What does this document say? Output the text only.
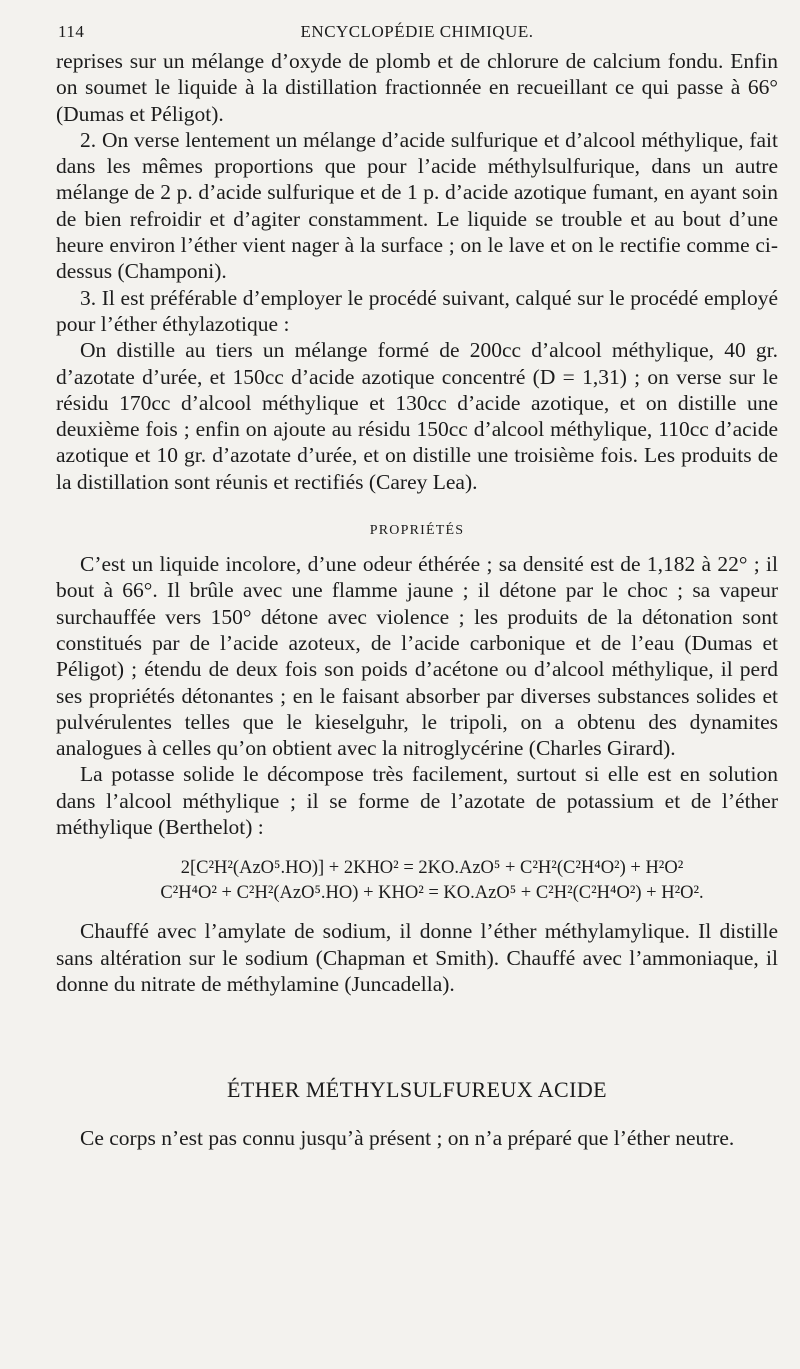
114	ENCYCLOPÉDIE CHIMIQUE.

reprises sur un mélange d’oxyde de plomb et de chlorure de calcium fondu. Enfin on soumet le liquide à la distillation fractionnée en recueillant ce qui passe à 66° (Dumas et Péligot).

2. On verse lentement un mélange d’acide sulfurique et d’alcool méthylique, fait dans les mêmes proportions que pour l’acide méthylsulfurique, dans un autre mélange de 2 p. d’acide sulfurique et de 1 p. d’acide azotique fumant, en ayant soin de bien refroidir et d’agiter constamment. Le liquide se trouble et au bout d’une heure environ l’éther vient nager à la surface ; on le lave et on le rectifie comme ci-dessus (Champoni).

3. Il est préférable d’employer le procédé suivant, calqué sur le procédé employé pour l’éther éthylazotique :

On distille au tiers un mélange formé de 200cc d’alcool méthylique, 40 gr. d’azotate d’urée, et 150cc d’acide azotique concentré (D = 1,31) ; on verse sur le résidu 170cc d’alcool méthylique et 130cc d’acide azotique, et on distille une deuxième fois ; enfin on ajoute au résidu 150cc d’alcool méthylique, 110cc d’acide azotique et 10 gr. d’azotate d’urée, et on distille une troisième fois. Les produits de la distillation sont réunis et rectifiés (Carey Lea).

PROPRIÉTÉS

C’est un liquide incolore, d’une odeur éthérée ; sa densité est de 1,182 à 22° ; il bout à 66°. Il brûle avec une flamme jaune ; il détone par le choc ; sa vapeur surchauffée vers 150° détone avec violence ; les produits de la détonation sont constitués par de l’acide azoteux, de l’acide carbonique et de l’eau (Dumas et Péligot) ; étendu de deux fois son poids d’acétone ou d’alcool méthylique, il perd ses propriétés détonantes ; en le faisant absorber par diverses substances solides et pulvérulentes telles que le kieselguhr, le tripoli, on a obtenu des dynamites analogues à celles qu’on obtient avec la nitroglycérine (Charles Girard).

La potasse solide le décompose très facilement, surtout si elle est en solution dans l’alcool méthylique ; il se forme de l’azotate de potassium et de l’éther méthylique (Berthelot) :

2[C²H²(AzO⁵.HO)] + 2KHO² = 2KO.AzO⁵ + C²H²(C²H⁴O²) + H²O²
C²H⁴O² + C²H²(AzO⁵.HO) + KHO² = KO.AzO⁵ + C²H²(C²H⁴O²) + H²O².

Chauffé avec l’amylate de sodium, il donne l’éther méthylamylique. Il distille sans altération sur le sodium (Chapman et Smith). Chauffé avec l’ammoniaque, il donne du nitrate de méthylamine (Juncadella).

ÉTHER MÉTHYLSULFUREUX ACIDE

Ce corps n’est pas connu jusqu’à présent ; on n’a préparé que l’éther neutre.
